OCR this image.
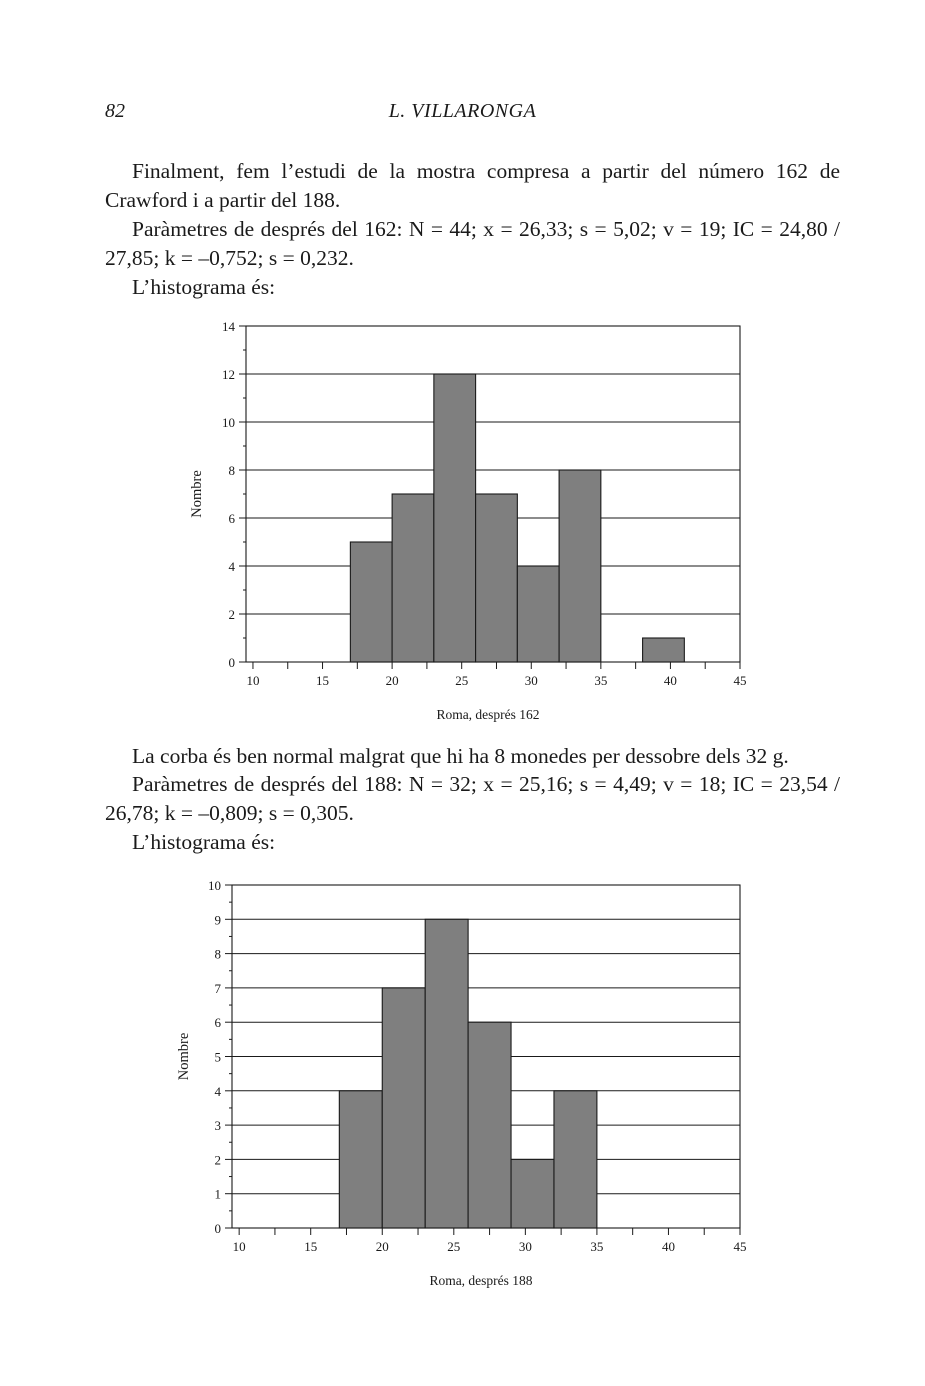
82	L. VILLARONGA

Finalment, fem l’estudi de la mostra compresa a partir del número 162 de Crawford i a partir del 188.

Paràmetres de després del 162: N = 44; x = 26,33; s = 5,02; v = 19; IC = 24,80 / 27,85; k = –0,752; s = 0,232.

L’histograma és:

0
2
4
6
8
10
12
14
10	15	20	25	30	35	40	45
Roma, després 162
Nombre

La corba és ben normal malgrat que hi ha 8 monedes per dessobre dels 32 g.

Paràmetres de després del 188: N = 32; x = 25,16; s = 4,49; v = 18; IC = 23,54 / 26,78; k = –0,809; s = 0,305.

L’histograma és:

0
1
2
3
4
5
6
7
8
9
10
10	15	20	25	30	35	40	45
Roma, després 188
Nombre
